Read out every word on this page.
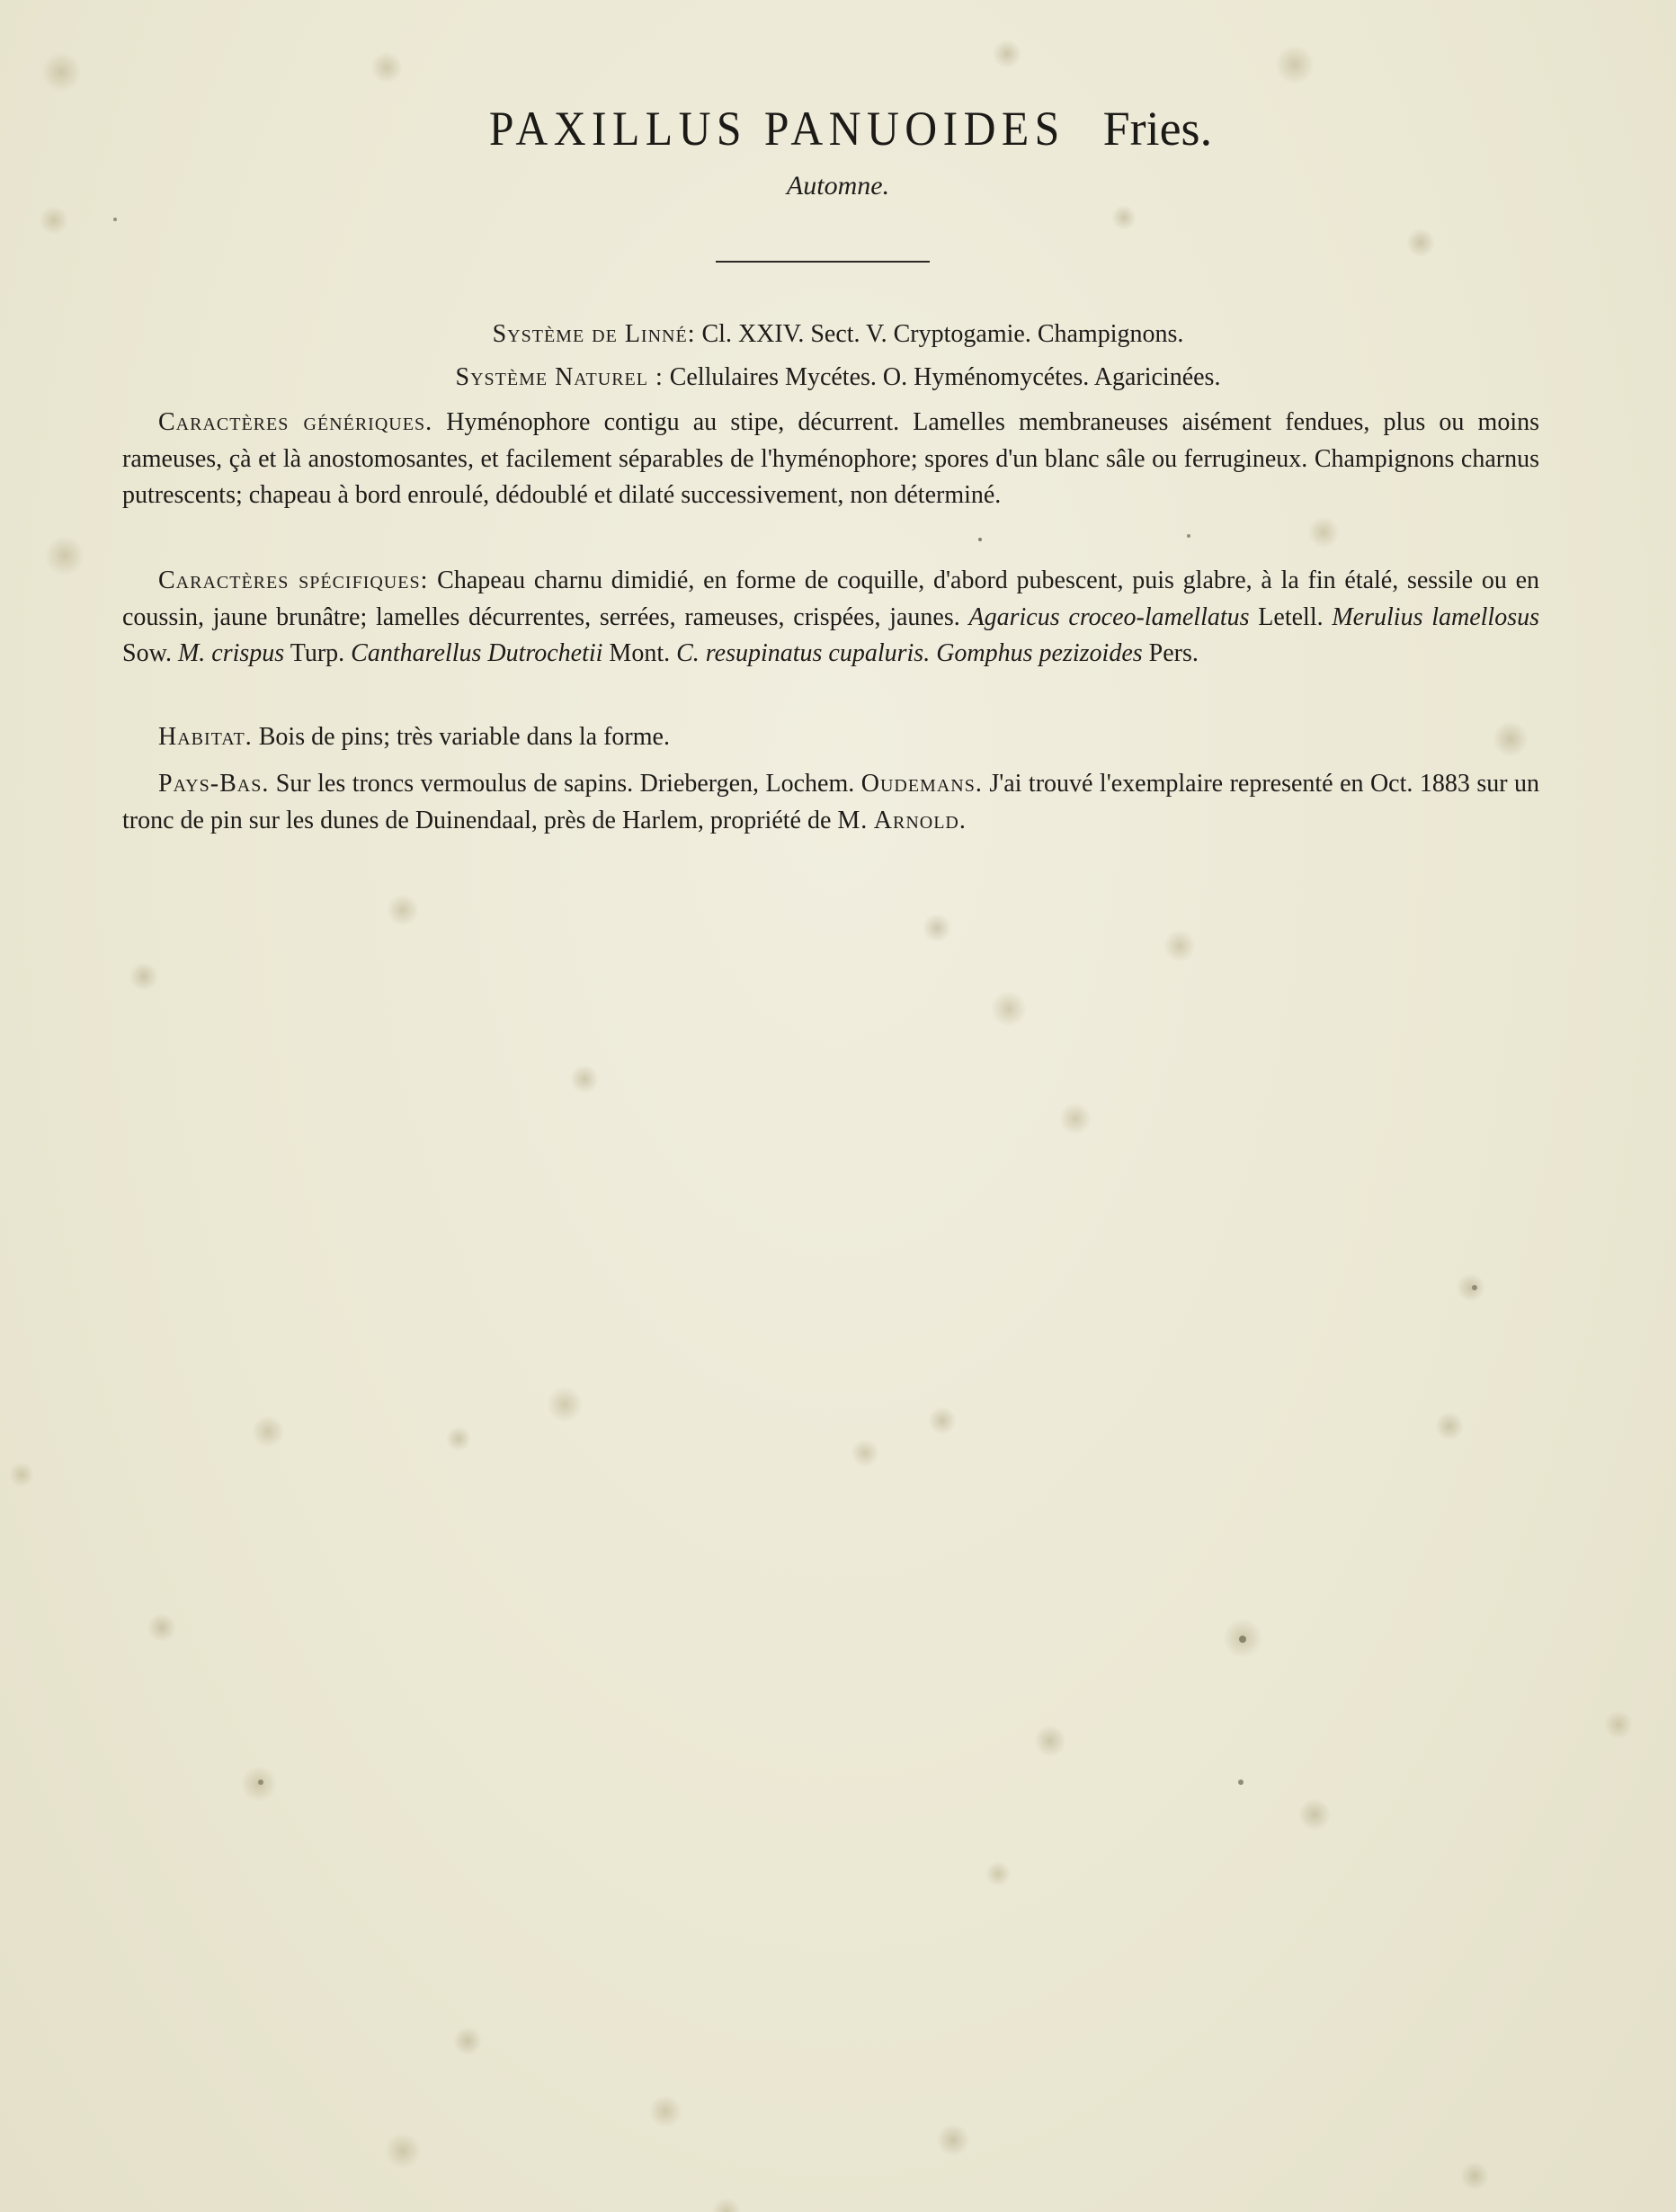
PAXILLUS PANUOIDES Fries.
Automne.
Système de Linné: Cl. XXIV. Sect. V. Cryptogamie. Champignons.
Système Naturel : Cellulaires Mycétes. O. Hyménomycétes. Agaricinées.
Caractères génériques. Hyménophore contigu au stipe, décurrent. Lamelles membraneuses aisément fendues, plus ou moins rameuses, çà et là anostomosantes, et facilement séparables de l'hyménophore; spores d'un blanc sâle ou ferrugineux. Champignons charnus putrescents; chapeau à bord enroulé, dédoublé et dilaté successivement, non déterminé.
Caractères spécifiques: Chapeau charnu dimidié, en forme de coquille, d'abord pubescent, puis glabre, à la fin étalé, sessile ou en coussin, jaune brunâtre; lamelles décurrentes, serrées, rameuses, crispées, jaunes. Agaricus croceo-lamellatus Letell. Merulius lamellosus Sow. M. crispus Turp. Cantharellus Dutrochetii Mont. C. resupinatus cupaluris. Gomphus pezizoides Pers.
Habitat. Bois de pins; très variable dans la forme.
Pays-Bas. Sur les troncs vermoulus de sapins. Driebergen, Lochem. Oudemans. J'ai trouvé l'exemplaire representé en Oct. 1883 sur un tronc de pin sur les dunes de Duinendaal, près de Harlem, propriété de M. Arnold.
